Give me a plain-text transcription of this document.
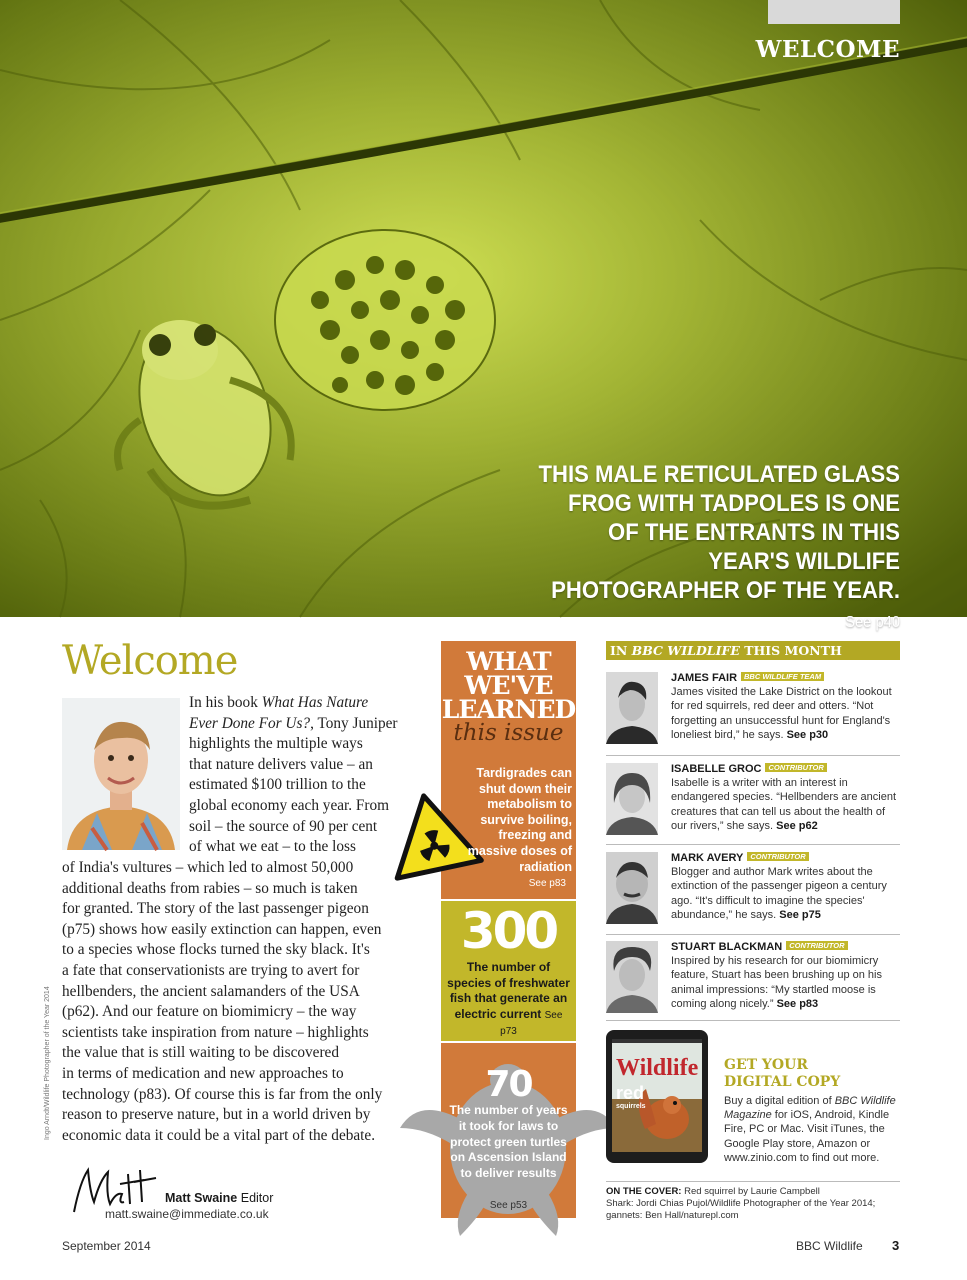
WELCOME
THIS MALE RETICULATED GLASS FROG WITH TADPOLES IS ONE OF THE ENTRANTS IN THIS YEAR'S WILDLIFE PHOTOGRAPHER OF THE YEAR. See p40
Welcome
In his book What Has Nature
Ever Done For Us?, Tony Juniper
highlights the multiple ways
that nature delivers value – an
estimated $100 trillion to the
global economy each year. From
soil – the source of 90 per cent
of what we eat – to the loss
of India's vultures – which led to almost 50,000
additional deaths from rabies – so much is taken
for granted. The story of the last passenger pigeon
(p75) shows how easily extinction can happen, even
to a species whose flocks turned the sky black. It's
a fate that conservationists are trying to avert for
hellbenders, the ancient salamanders of the USA
(p62). And our feature on biomimicry – the way
scientists take inspiration from nature – highlights
the value that is still waiting to be discovered
in terms of medication and new approaches to
technology (p83). Of course this is far from the only
reason to preserve nature, but in a world driven by
economic data it could be a vital part of the debate.
Ingo Arndt/Wildlife Photographer of the Year 2014
Matt Swaine Editor
matt.swaine@immediate.co.uk
WHAT
WE'VE
LEARNED
this issue
Tardigrades can shut down their metabolism to survive boiling, freezing and massive doses of radiation
See p83
300
The number of species of freshwater fish that generate an electric current See p73
70
The number of years it took for laws to protect green turtles on Ascension Island to deliver results
See p53
IN BBC WILDLIFE THIS MONTH
JAMES FAIR BBC WILDLIFE TEAM
James visited the Lake District on the lookout for red squirrels, red deer and otters. “Not forgetting an unsuccessful hunt for England's loneliest bird,” he says. See p30
ISABELLE GROC CONTRIBUTOR
Isabelle is a writer with an interest in endangered species. “Hellbenders are ancient creatures that can tell us about the health of our rivers,” she says. See p62
MARK AVERY CONTRIBUTOR
Blogger and author Mark writes about the extinction of the passenger pigeon a century ago. “It's difficult to imagine the species' abundance,” he says. See p75
STUART BLACKMAN CONTRIBUTOR
Inspired by his research for our biomimicry feature, Stuart has been brushing up on his animal impressions: “My startled moose is coming along nicely.” See p83
Wildlife
red
squirrels
GET YOUR
DIGITAL COPY
Buy a digital edition of BBC Wildlife Magazine for iOS, Android, Kindle Fire, PC or Mac. Visit iTunes, the Google Play store, Amazon or www.zinio.com to find out more.
ON THE COVER: Red squirrel by Laurie Campbell
Shark: Jordi Chias Pujol/Wildlife Photographer of the Year 2014;
gannets: Ben Hall/naturepl.com
September 2014	BBC Wildlife 3
